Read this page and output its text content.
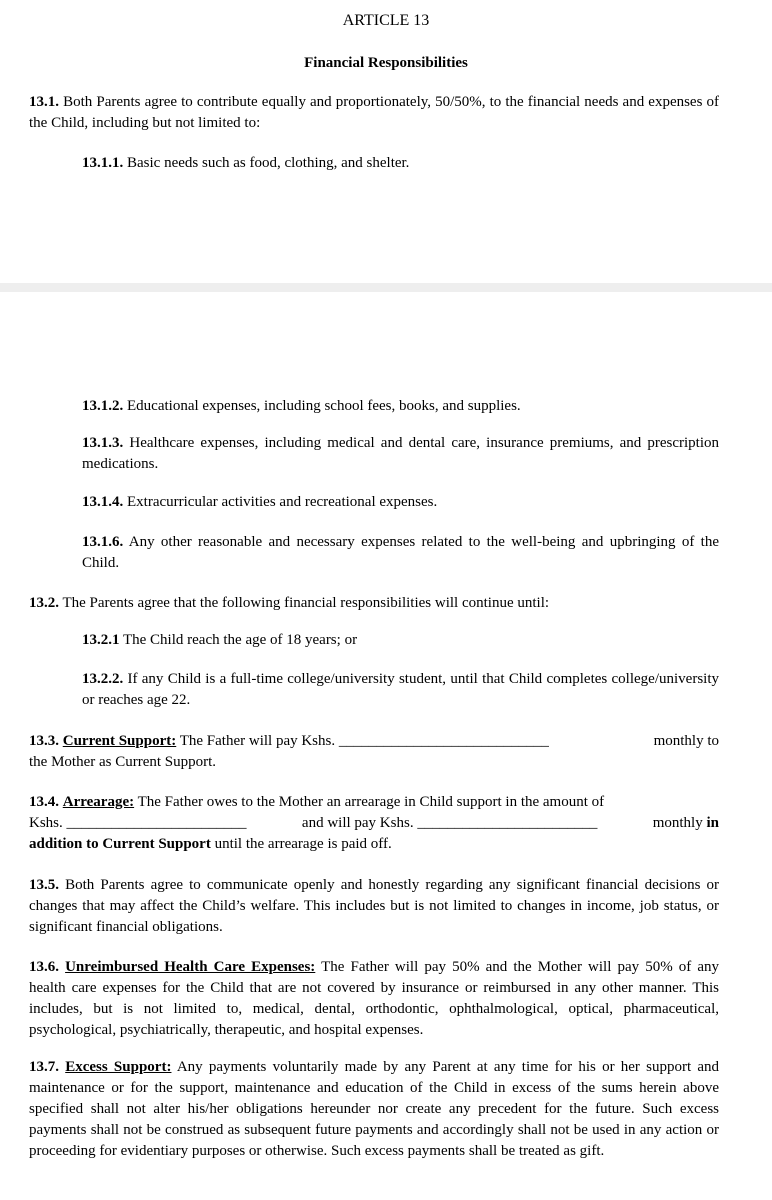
ARTICLE 13

Financial Responsibilities

13.1. Both Parents agree to contribute equally and proportionately, 50/50%, to the financial needs and expenses of the Child, including but not limited to:

13.1.1. Basic needs such as food, clothing, and shelter.

13.1.2. Educational expenses, including school fees, books, and supplies.

13.1.3. Healthcare expenses, including medical and dental care, insurance premiums, and prescription medications.

13.1.4. Extracurricular activities and recreational expenses.

13.1.6. Any other reasonable and necessary expenses related to the well-being and upbringing of the Child.

13.2. The Parents agree that the following financial responsibilities will continue until:

13.2.1 The Child reach the age of 18 years; or

13.2.2. If any Child is a full-time college/university student, until that Child completes college/university or reaches age 22.

13.3. Current Support: The Father will pay Kshs. ____________________________	monthly to
the Mother as Current Support.
13.4. Arrearage: The Father owes to the Mother an arrearage in Child support in the amount of
Kshs. ________________________	and will pay Kshs. ________________________	monthly in
addition to Current Support until the arrearage is paid off.

13.5. Both Parents agree to communicate openly and honestly regarding any significant financial decisions or changes that may affect the Child’s welfare. This includes but is not limited to changes in income, job status, or significant financial obligations.

13.6. Unreimbursed Health Care Expenses: The Father will pay 50% and the Mother will pay 50% of any health care expenses for the Child that are not covered by insurance or reimbursed in any other manner. This includes, but is not limited to, medical, dental, orthodontic, ophthalmological, optical, pharmaceutical, psychological, psychiatrically, therapeutic, and hospital expenses.

13.7. Excess Support: Any payments voluntarily made by any Parent at any time for his or her support and maintenance or for the support, maintenance and education of the Child in excess of the sums herein above specified shall not alter his/her obligations hereunder nor create any precedent for the future. Such excess payments shall not be construed as subsequent future payments and accordingly shall not be used in any action or proceeding for evidentiary purposes or otherwise. Such excess payments shall be treated as gift.
